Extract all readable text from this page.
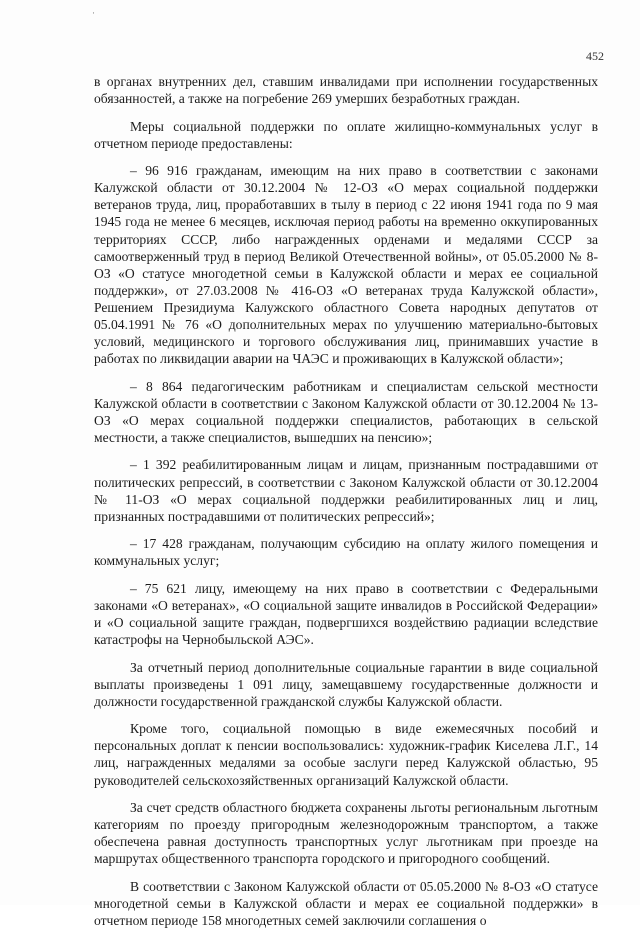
·
452

в органах внутренних дел, ставшим инвалидами при исполнении государственных обязанностей, а также на погребение 269 умерших безработных граждан.

Меры социальной поддержки по оплате жилищно-коммунальных услуг в отчетном периоде предоставлены:

– 96 916 гражданам, имеющим на них право в соответствии с законами Калужской области от 30.12.2004 № 12-ОЗ «О мерах социальной поддержки ветеранов труда, лиц, проработавших в тылу в период с 22 июня 1941 года по 9 мая 1945 года не менее 6 месяцев, исключая период работы на временно оккупированных территориях СССР, либо награжденных орденами и медалями СССР за самоотверженный труд в период Великой Отечественной войны», от 05.05.2000 № 8-ОЗ «О статусе многодетной семьи в Калужской области и мерах ее социальной поддержки», от 27.03.2008 № 416-ОЗ «О ветеранах труда Калужской области», Решением Президиума Калужского областного Совета народных депутатов от 05.04.1991 № 76 «О дополнительных мерах по улучшению материально-бытовых условий, медицинского и торгового обслуживания лиц, принимавших участие в работах по ликвидации аварии на ЧАЭС и проживающих в Калужской области»;

– 8 864 педагогическим работникам и специалистам сельской местности Калужской области в соответствии с Законом Калужской области от 30.12.2004 № 13-ОЗ «О мерах социальной поддержки специалистов, работающих в сельской местности, а также специалистов, вышедших на пенсию»;

– 1 392 реабилитированным лицам и лицам, признанным пострадавшими от политических репрессий, в соответствии с Законом Калужской области от 30.12.2004 № 11-ОЗ «О мерах социальной поддержки реабилитированных лиц и лиц, признанных пострадавшими от политических репрессий»;

– 17 428 гражданам, получающим субсидию на оплату жилого помещения и коммунальных услуг;

– 75 621 лицу, имеющему на них право в соответствии с Федеральными законами «О ветеранах», «О социальной защите инвалидов в Российской Федерации» и «О социальной защите граждан, подвергшихся воздействию радиации вследствие катастрофы на Чернобыльской АЭС».

За отчетный период дополнительные социальные гарантии в виде социальной выплаты произведены 1 091 лицу, замещавшему государственные должности и должности государственной гражданской службы Калужской области.

Кроме того, социальной помощью в виде ежемесячных пособий и персональных доплат к пенсии воспользовались: художник-график Киселева Л.Г., 14 лиц, награжденных медалями за особые заслуги перед Калужской областью, 95 руководителей сельскохозяйственных организаций Калужской области.

За счет средств областного бюджета сохранены льготы региональным льготным категориям по проезду пригородным железнодорожным транспортом, а также обеспечена равная доступность транспортных услуг льготникам при проезде на маршрутах общественного транспорта городского и пригородного сообщений.

В соответствии с Законом Калужской области от 05.05.2000 № 8-ОЗ «О статусе многодетной семьи в Калужской области и мерах ее социальной поддержки» в отчетном периоде 158 многодетных семей заключили соглашения о
